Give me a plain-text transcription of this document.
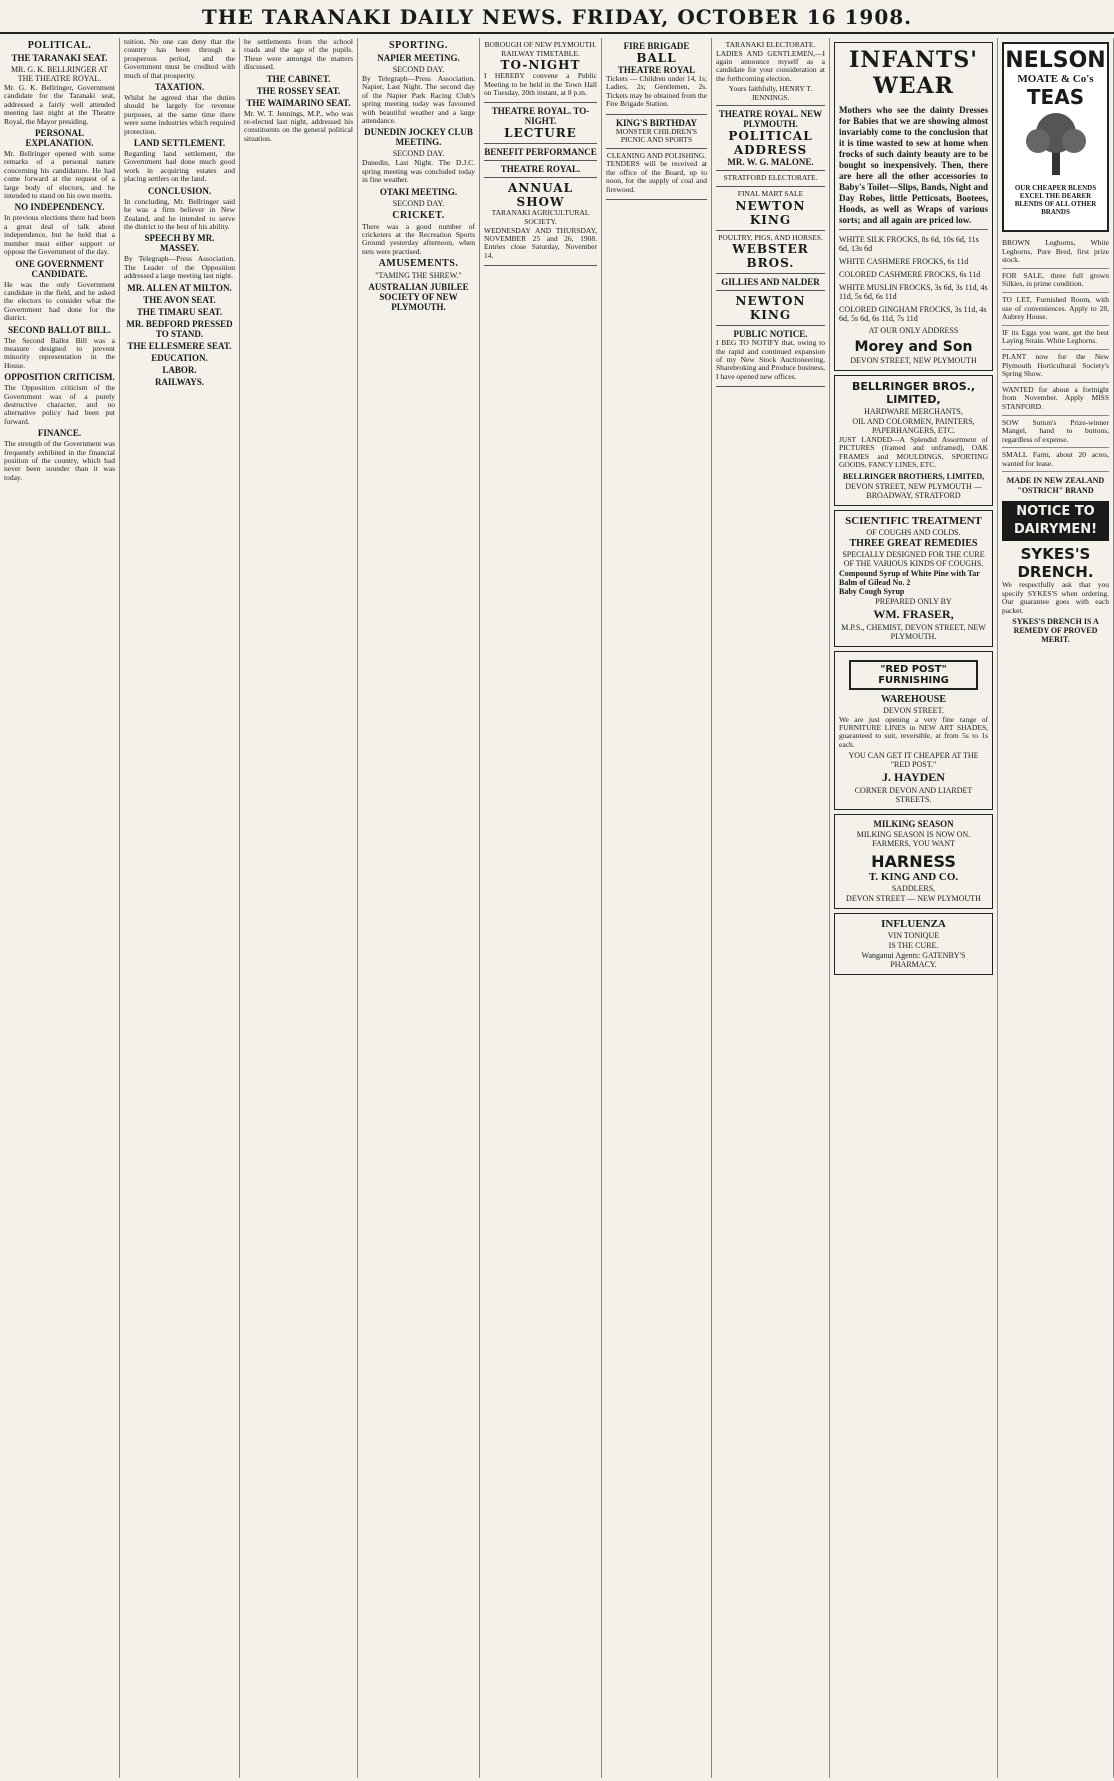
THE TARANAKI DAILY NEWS. FRIDAY, OCTOBER 16 1908.
POLITICAL.
THE TARANAKI SEAT.
MR. G. K. BELLRINGER AT THE THEATRE ROYAL.

Mr. G. K. Bellringer, Government candidate for the Taranaki seat, addressed a fairly well attended meeting last night at the Theatre Royal, the Mayor presiding.

PERSONAL EXPLANATION.

Mr. Bellringer opened with some remarks of a personal nature concerning his candidature. He had come forward at the request of a large body of electors, and he intended to stand on his own merits.

NO INDEPENDENCY.

In previous elections there had been a great deal of talk about independence, but he held that a member must either support or oppose the Government of the day.

ONE GOVERNMENT CANDIDATE.

He was the only Government candidate in the field, and he asked the electors to consider what the Government had done for the district.

SECOND BALLOT BILL.

The Second Ballot Bill was a measure designed to prevent minority representation in the House.

OPPOSITION CRITICISM.

The Opposition criticism of the Government was of a purely destructive character, and no alternative policy had been put forward.

FINANCE.

The strength of the Government was frequently exhibited in the financial position of the country, which had never been sounder than it was today.

tuition. No one can deny that the country has been through a prosperous period, and the Government must be credited with much of that prosperity.

TAXATION.

Whilst he agreed that the duties should be largely for revenue purposes, at the same time there were some industries which required protection.

LAND SETTLEMENT.

Regarding land settlement, the Government had done much good work in acquiring estates and placing settlers on the land.

CONCLUSION.

In concluding, Mr. Bellringer said he was a firm believer in New Zealand, and he intended to serve the district to the best of his ability.

SPEECH BY MR. MASSEY.

By Telegraph—Press Association. The Leader of the Opposition addressed a large meeting last night.

MR. ALLEN AT MILTON.
THE AVON SEAT.
THE TIMARU SEAT.
MR. BEDFORD PRESSED TO STAND.
THE ELLESMERE SEAT.
EDUCATION.
LABOR.
RAILWAYS.

be settlements from the school roads and the age of the pupils. These were amongst the matters discussed.

THE CABINET.
THE ROSSEY SEAT.
THE WAIMARINO SEAT.

Mr. W. T. Jennings, M.P., who was re-elected last night, addressed his constituents on the general political situation.

SPORTING.
NAPIER MEETING.
SECOND DAY.

By Telegraph—Press Association. Napier, Last Night. The second day of the Napier Park Racing Club's spring meeting today was favoured with beautiful weather and a large attendance.

DUNEDIN JOCKEY CLUB MEETING.
SECOND DAY.

Dunedin, Last Night. The D.J.C. spring meeting was concluded today in fine weather.

OTAKI MEETING.
SECOND DAY.
CRICKET.

There was a good number of cricketers at the Recreation Sports Ground yesterday afternoon, when nets were practised.

AMUSEMENTS.
"TAMING THE SHREW."
AUSTRALIAN JUBILEE SOCIETY OF NEW PLYMOUTH.
BOROUGH OF NEW PLYMOUTH. RAILWAY TIMETABLE.
TO-NIGHT

I HEREBY convene a Public Meeting to be held in the Town Hall on Tuesday, 20th instant, at 8 p.m.

THEATRE ROYAL. TO-NIGHT.
LECTURE
BENEFIT PERFORMANCE
THEATRE ROYAL.
ANNUAL SHOW
TARANAKI AGRICULTURAL SOCIETY.

WEDNESDAY AND THURSDAY, NOVEMBER 25 and 26, 1908. Entries close Saturday, November 14.

FIRE BRIGADE
BALL
THEATRE ROYAL

Tickets — Children under 14, 1s; Ladies, 2s; Gentlemen, 2s. Tickets may be obtained from the Fire Brigade Station.

KING'S BIRTHDAY
MONSTER CHILDREN'S PICNIC AND SPORTS
CLEANING AND POLISHING.

TENDERS will be received at the office of the Board, up to noon, for the supply of coal and firewood.

TARANAKI ELECTORATE.

LADIES AND GENTLEMEN,—I again announce myself as a candidate for your consideration at the forthcoming election.

Yours faithfully, HENRY T. JENNINGS.
THEATRE ROYAL. NEW PLYMOUTH.
POLITICAL ADDRESS
MR. W. G. MALONE.
STRATFORD ELECTORATE.
FINAL MART SALE
NEWTON KING
POULTRY, PIGS, AND HORSES.
WEBSTER BROS.
GILLIES AND NALDER
NEWTON KING
PUBLIC NOTICE.

I BEG TO NOTIFY that, owing to the rapid and continued expansion of my New Stock Auctioneering, Sharebroking and Produce business, I have opened new offices.

INFANTS' WEAR
Mothers who see the dainty Dresses for Babies that we are showing almost invariably come to the conclusion that it is time wasted to sew at home when frocks of such dainty beauty are to be bought so inexpensively. Then, there are here all the other accessories to Baby's Toilet—Slips, Bands, Night and Day Robes, little Petticoats, Bootees, Hoods, as well as Wraps of various sorts; and all again are priced low.
WHITE SILK FROCKS, 8s 6d, 10s 6d, 11s 6d, 13s 6d
WHITE CASHMERE FROCKS, 6s 11d
COLORED CASHMERE FROCKS, 6s 11d
WHITE MUSLIN FROCKS, 3s 6d, 3s 11d, 4s 11d, 5s 6d, 6s 11d
COLORED GINGHAM FROCKS, 3s 11d, 4s 6d, 5s 6d, 6s 11d, 7s 11d
AT OUR ONLY ADDRESS
Morey and Son
DEVON STREET, NEW PLYMOUTH
BELLRINGER BROS., LIMITED,
HARDWARE MERCHANTS,
OIL AND COLORMEN, PAINTERS, PAPERHANGERS, ETC.

JUST LANDED—A Splendid Assortment of PICTURES (framed and unframed), OAK FRAMES and MOULDINGS, SPORTING GOODS, FANCY LINES, ETC.

BELLRINGER BROTHERS, LIMITED,
DEVON STREET, NEW PLYMOUTH — BROADWAY, STRATFORD
SCIENTIFIC TREATMENT
OF COUGHS AND COLDS.
THREE GREAT REMEDIES
SPECIALLY DESIGNED FOR THE CURE OF THE VARIOUS KINDS OF COUGHS.
Compound Syrup of White Pine with Tar
Balm of Gilead No. 2
Baby Cough Syrup
PREPARED ONLY BY
WM. FRASER,
M.P.S., CHEMIST, DEVON STREET, NEW PLYMOUTH.
"RED POST" FURNISHING
WAREHOUSE
DEVON STREET.

We are just opening a very fine range of FURNITURE LINES in NEW ART SHADES, guaranteed to suit, reversible, at from 5s to 1s each.

YOU CAN GET IT CHEAPER AT THE "RED POST."
J. HAYDEN
CORNER DEVON AND LIARDET STREETS.
MILKING SEASON
MILKING SEASON IS NOW ON. FARMERS, YOU WANT
HARNESS
T. KING AND CO.
SADDLERS,
DEVON STREET — NEW PLYMOUTH
INFLUENZA
VIN TONIQUE
IS THE CURE.
Wanganui Agents: GATENBY'S PHARMACY.
NELSON
MOATE & Co's
TEAS
OUR CHEAPER BLENDS EXCEL THE DEARER BLENDS OF ALL OTHER BRANDS
BROWN Leghorns, White Leghorns, Pure Bred, first prize stock.
FOR SALE, three full grown Silkies, in prime condition.
TO LET, Furnished Room, with use of conveniences. Apply to 28, Aubrey House.
IF its Eggs you want, get the best Laying Strain. White Leghorns.
PLANT now for the New Plymouth Horticultural Society's Spring Show.
WANTED for about a fortnight from November. Apply MISS STANFORD.
SOW Sutton's Prize-winner Mangel, hand to buttons, regardless of expense.
SMALL Farm, about 20 acres, wanted for lease.
MADE IN NEW ZEALAND
"OSTRICH" BRAND
NOTICE TO DAIRYMEN!
SYKES'S DRENCH.

We respectfully ask that you specify SYKES'S when ordering. Our guarantee goes with each packet.

SYKES'S DRENCH IS A REMEDY OF PROVED MERIT.
